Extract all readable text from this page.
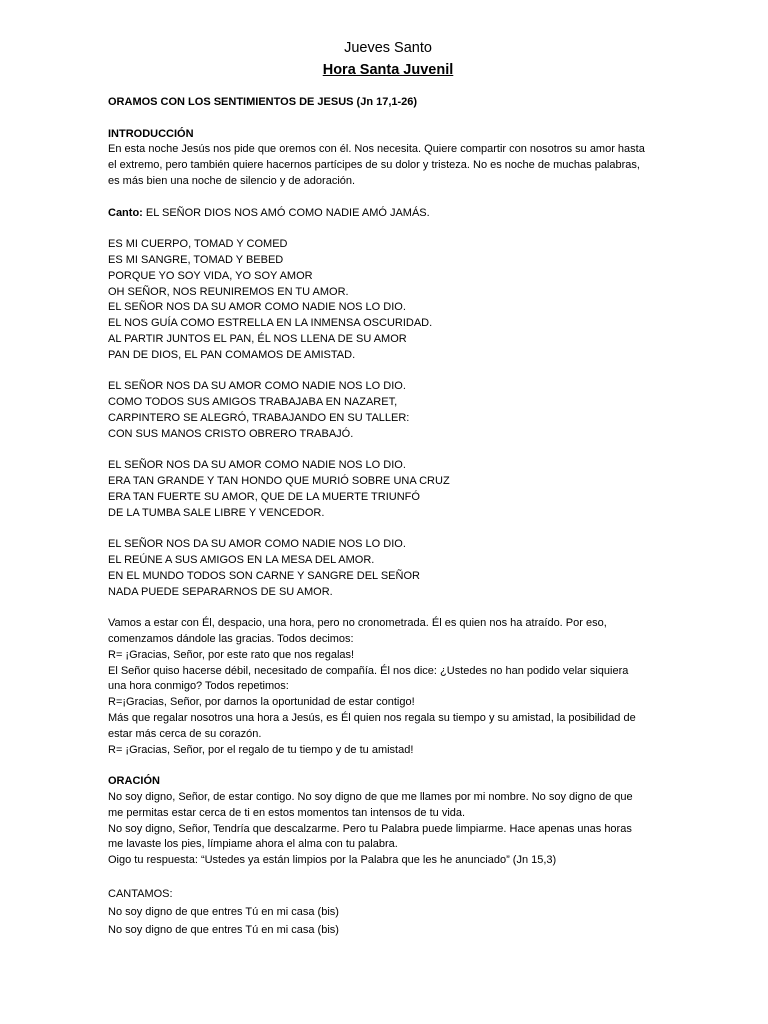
Jueves Santo
Hora Santa Juvenil

ORAMOS CON LOS SENTIMIENTOS DE JESUS (Jn 17,1-26)

INTRODUCCIÓN

En esta noche Jesús nos pide que oremos con él. Nos necesita. Quiere compartir con nosotros su amor hasta

el extremo, pero también quiere hacernos partícipes de su dolor y tristeza. No es noche de muchas palabras,

es más bien una noche de silencio y de adoración.

Canto: EL SEÑOR DIOS NOS AMÓ COMO NADIE AMÓ JAMÁS.

ES MI CUERPO, TOMAD Y COMED

ES MI SANGRE, TOMAD Y BEBED

PORQUE YO SOY VIDA, YO SOY AMOR

OH SEÑOR, NOS REUNIREMOS EN TU AMOR.

EL SEÑOR NOS DA SU AMOR COMO NADIE NOS LO DIO.

EL NOS GUÍA COMO ESTRELLA EN LA INMENSA OSCURIDAD.

AL PARTIR JUNTOS EL PAN, ÉL NOS LLENA DE SU AMOR

PAN DE DIOS, EL PAN COMAMOS DE AMISTAD.

EL SEÑOR NOS DA SU AMOR COMO NADIE NOS LO DIO.

COMO TODOS SUS AMIGOS TRABAJABA EN NAZARET,

CARPINTERO SE ALEGRÓ, TRABAJANDO EN SU TALLER:

CON SUS MANOS CRISTO OBRERO TRABAJÓ.

EL SEÑOR NOS DA SU AMOR COMO NADIE NOS LO DIO.

ERA TAN GRANDE Y TAN HONDO QUE MURIÓ SOBRE UNA CRUZ

ERA TAN FUERTE SU AMOR, QUE DE LA MUERTE TRIUNFÓ

DE LA TUMBA SALE LIBRE Y VENCEDOR.

EL SEÑOR NOS DA SU AMOR COMO NADIE NOS LO DIO.

EL REÚNE A SUS AMIGOS EN LA MESA DEL AMOR.

EN EL MUNDO TODOS SON CARNE Y SANGRE DEL SEÑOR

NADA PUEDE SEPARARNOS DE SU AMOR.

Vamos a estar con Él, despacio, una hora, pero no cronometrada. Él es quien nos ha atraído. Por eso,

comenzamos dándole las gracias. Todos decimos:

R= ¡Gracias, Señor, por este rato que nos regalas!

El Señor quiso hacerse débil, necesitado de compañía. Él nos dice: ¿Ustedes no han podido velar siquiera

una hora conmigo? Todos repetimos:

R=¡Gracias, Señor, por darnos la oportunidad de estar contigo!

Más que regalar nosotros una hora a Jesús, es Él quien nos regala su tiempo y su amistad, la posibilidad de

estar más cerca de su corazón.

R= ¡Gracias, Señor, por el regalo de tu tiempo y de tu amistad!

ORACIÓN

No soy digno, Señor, de estar contigo. No soy digno de que me llames por mi nombre. No soy digno de que

me permitas estar cerca de ti en estos momentos tan intensos de tu vida.

No soy digno, Señor, Tendría que descalzarme. Pero tu Palabra puede limpiarme. Hace apenas unas horas

me lavaste los pies, límpiame ahora el alma con tu palabra.

Oigo tu respuesta: “Ustedes ya están limpios por la Palabra que les he anunciado” (Jn 15,3)

CANTAMOS:

No soy digno de que entres Tú en mi casa (bis)

No soy digno de que entres Tú en mi casa (bis)
